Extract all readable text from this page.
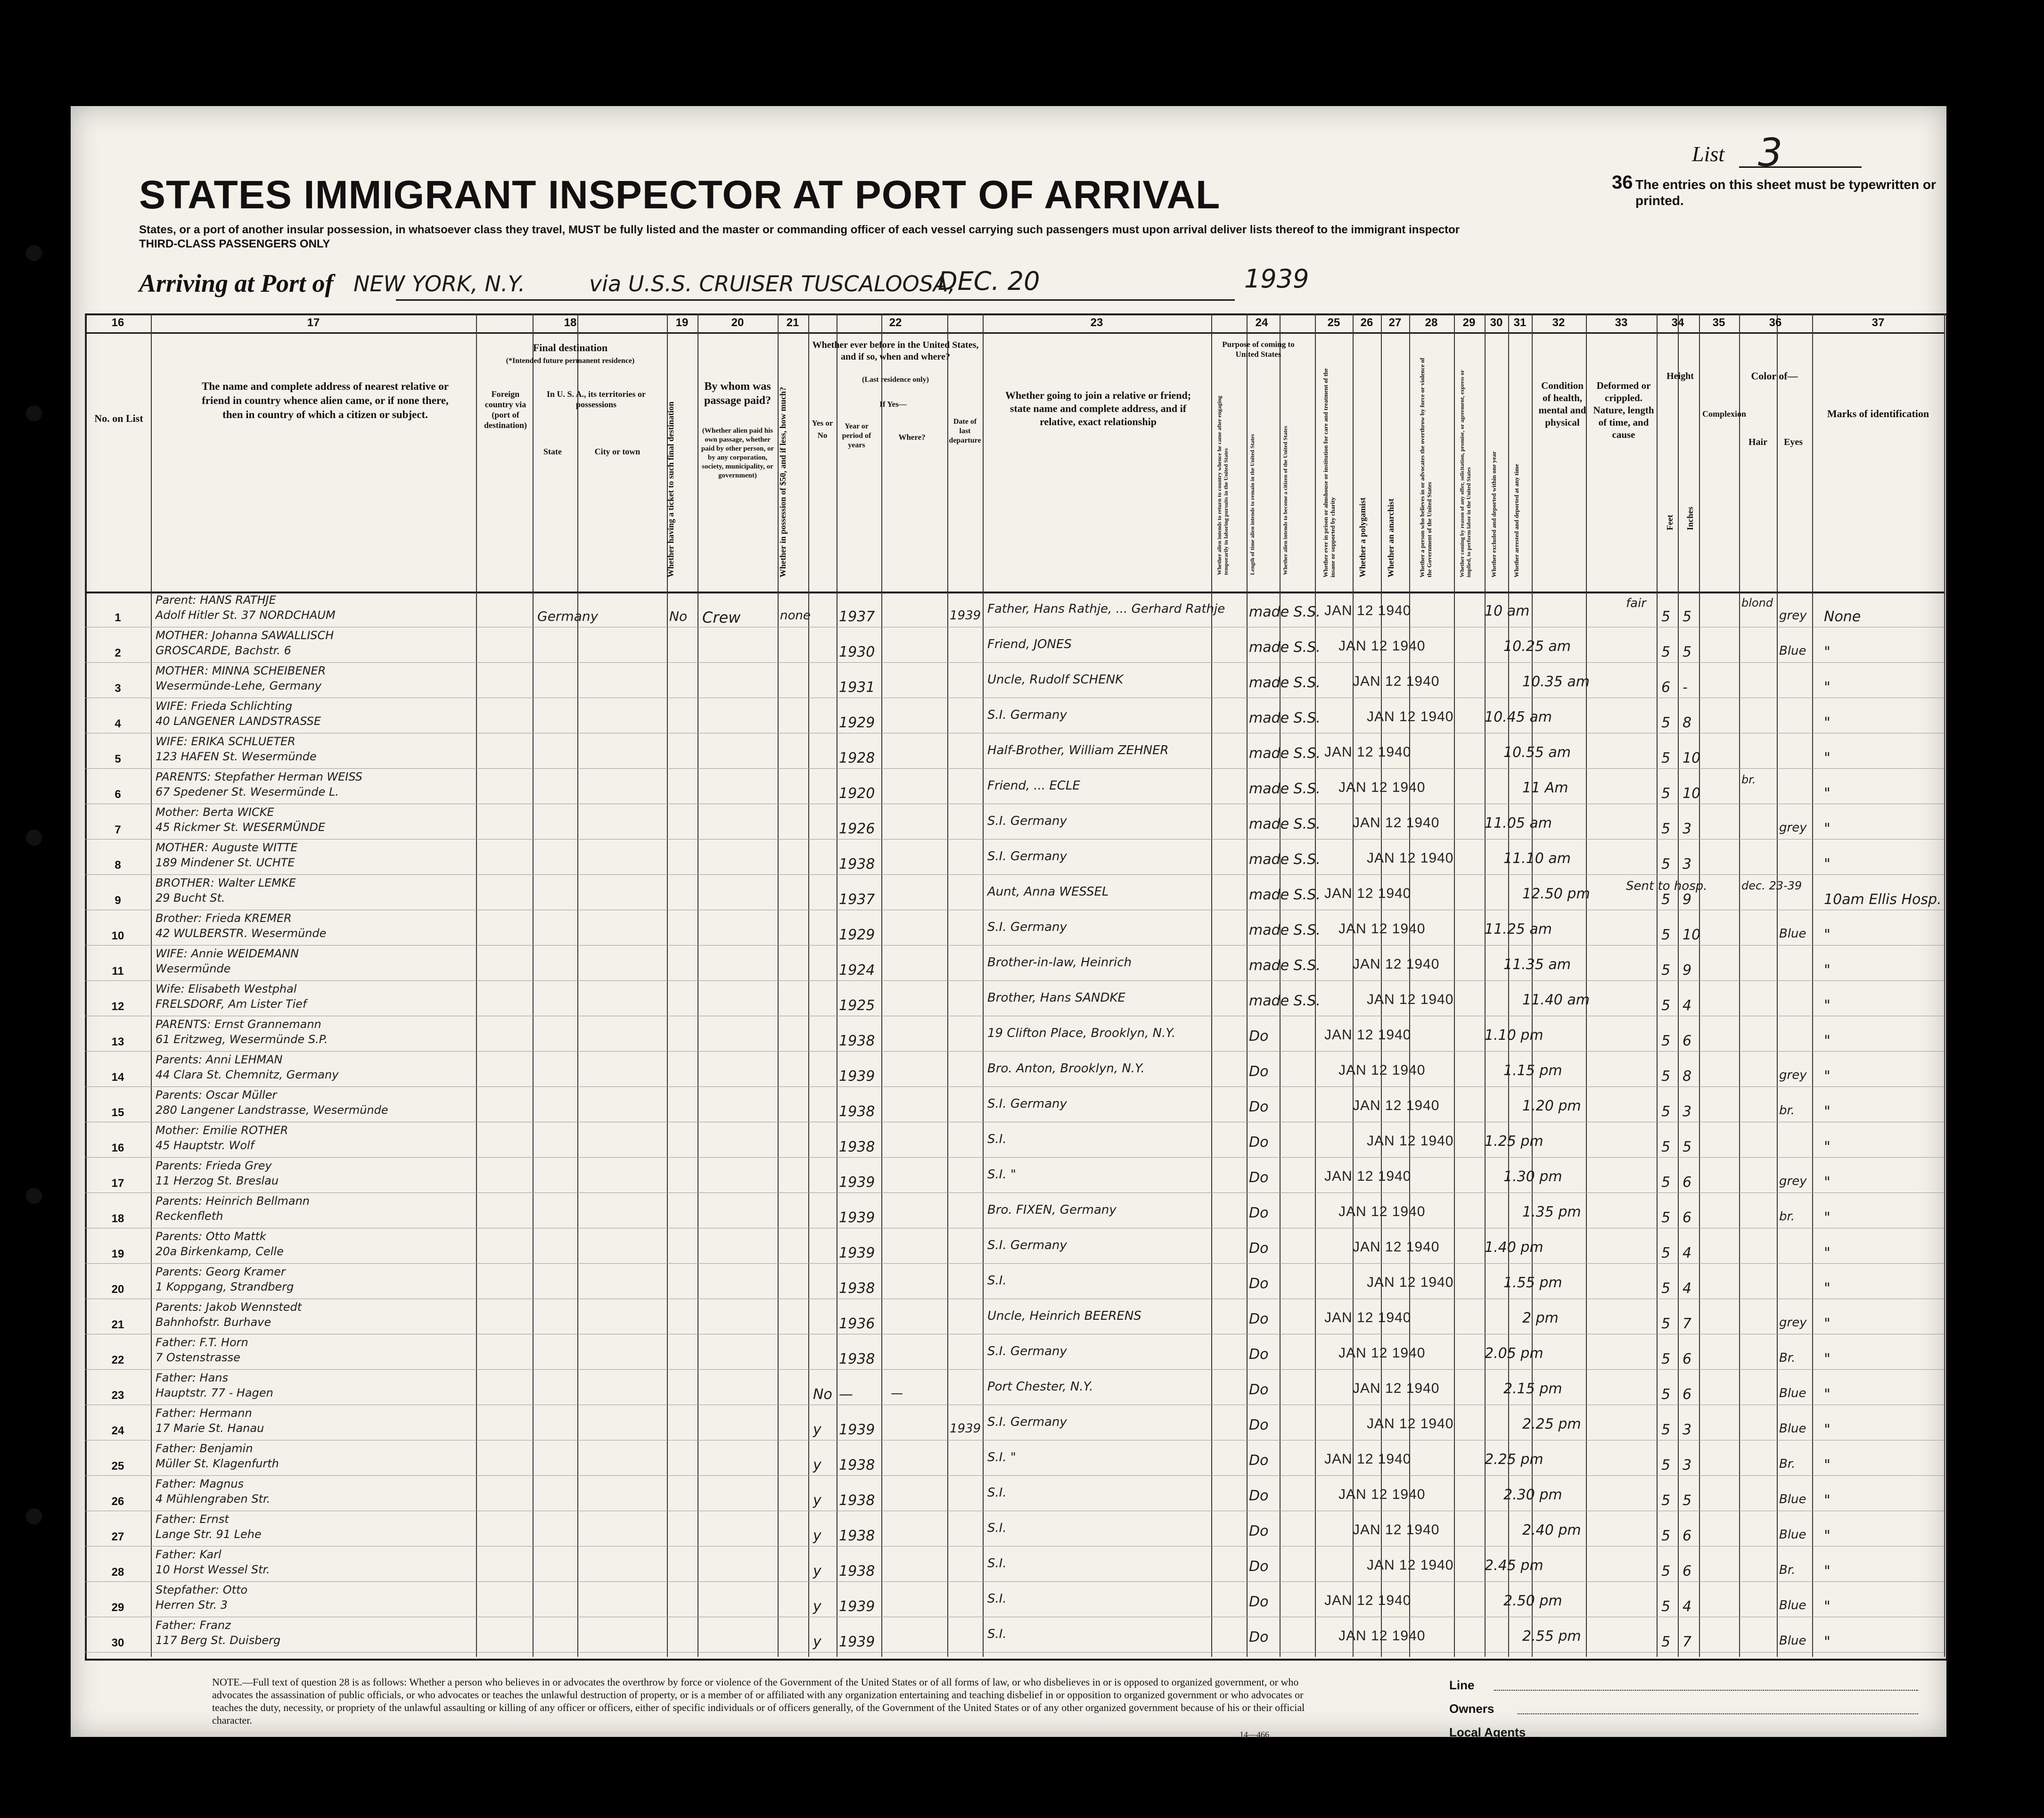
List 3
36 The entries on this sheet must be typewritten or printed.
STATES IMMIGRANT INSPECTOR AT PORT OF ARRIVAL
States, or a port of another insular possession, in whatsoever class they travel, MUST be fully listed and the master or commanding officer of each vessel carrying such passengers must upon arrival deliver lists thereof to the immigrant inspector
THIRD-CLASS PASSENGERS ONLY
Arriving at Port of NEW YORK, N.Y.	via U.S.S. CRUISER TUSCALOOSA,
DEC. 20	1939
16	17	18	19	20	21	22	23	24	25 26 27 28 29 30 31 32	33	34	35	36	37
No. on List
The name and complete address of nearest relative or friend in country whence alien came, or if none there, then in country of which a citizen or subject.
Final destination
(*Intended future permanent residence)
Foreign country via (port of destination)
In U. S. A., its territories or possessions
State	City or town	Whether having a ticket to such final destination
By whom was passage paid?
(Whether alien paid his own passage, whether paid by other person, or by any corporation, society, municipality, or government)	Whether in possession of $50, and if less, how much?
Whether ever before in the United States, and if so, when and where?
(Last residence only)
Yes or No
If Yes—
Year or period of years
Where?
Date of last departure
Whether going to join a relative or friend; state name and complete address, and if relative, exact relationship
Purpose of coming to United States
Whether alien intends to return to country whence he came after engaging temporarily in laboring pursuits in the United States	Length of time alien intends to remain in the United States	Whether alien intends to become a citizen of the United States	Whether ever in prison or almshouse or institution for care and treatment of the insane or supported by charity	Whether a polygamist Whether an anarchist	Whether a person who believes in or advocates the overthrow by force or violence of the Government of the United States	Whether coming by reason of any offer, solicitation, promise, or agreement, express or implied, to perform labor in the United States	Whether excluded and deported within one year	Whether arrested and deported at any time
Condition of health, mental and physical
Deformed or crippled. Nature, length of time, and cause
Height
Feet Inches
Complexion
Color of—
Hair	Eyes
Marks of identification
1
Parent: HANS RATHJE
Adolf Hitler St. 37 NORDCHAUM	Germany	No Crew	none 1937	1939 Father, Hans Rathje, ... Gerhard Rathje made S.S. JAN 12 1940	10 am	5 5
fair	blond
grey None
2
MOTHER: Johanna SAWALLISCH
GROSCARDE, Bachstr. 6	1930	Friend, JONES	made S.S. JAN 12 1940	10.25 am	5 5	Blue "
3
MOTHER: MINNA SCHEIBENER
Wesermünde-Lehe, Germany	1931	Uncle, Rudolf SCHENK	made S.S. JAN 12 1940	10.35 am	6 -	"
4
WIFE: Frieda Schlichting
40 LANGENER LANDSTRASSE	1929	S.I. Germany	made S.S.	JAN 12 1940 10.45 am	5 8	"
5
WIFE: ERIKA SCHLUETER
123 HAFEN St. Wesermünde	1928	Half-Brother, William ZEHNER	made S.S. JAN 12 1940	10.55 am	5 10	"
6
PARENTS: Stepfather Herman WEISS
67 Spedener St. Wesermünde L.	1920	Friend, ... ECLE	made S.S. JAN 12 1940	11 Am	5 10
br.
"
7
Mother: Berta WICKE
45 Rickmer St. WESERMÜNDE	1926	S.I. Germany	made S.S. JAN 12 1940	11.05 am	5 3	grey "
8
MOTHER: Auguste WITTE
189 Mindener St. UCHTE	1938	S.I. Germany	made S.S.	JAN 12 1940	11.10 am	5 3	"
9
BROTHER: Walter LEMKE
29 Bucht St.	1937	Aunt, Anna WESSEL	made S.S. JAN 12 1940	12.50 pm	5 9
Sent to hosp.	dec. 23-39
10am Ellis Hosp.
10
Brother: Frieda KREMER
42 WULBERSTR. Wesermünde	1929	S.I. Germany	made S.S. JAN 12 1940	11.25 am	5 10	Blue "
11
WIFE: Annie WEIDEMANN
Wesermünde	1924	Brother-in-law, Heinrich	made S.S. JAN 12 1940	11.35 am	5 9	"
12
Wife: Elisabeth Westphal
FRELSDORF, Am Lister Tief	1925	Brother, Hans SANDKE	made S.S.	JAN 12 1940	11.40 am	5 4	"
13
PARENTS: Ernst Grannemann
61 Eritzweg, Wesermünde S.P.	1938	19 Clifton Place, Brooklyn, N.Y.	Do	JAN 12 1940	1.10 pm	5 6	"
14
Parents: Anni LEHMAN
44 Clara St. Chemnitz, Germany	1939	Bro. Anton, Brooklyn, N.Y.	Do	JAN 12 1940	1.15 pm	5 8	grey "
15
Parents: Oscar Müller
280 Langener Landstrasse, Wesermünde	1938	S.I. Germany	Do	JAN 12 1940	1.20 pm	5 3	br. "
16
Mother: Emilie ROTHER
45 Hauptstr. Wolf	1938	S.I.	Do	JAN 12 1940 1.25 pm	5 5	"
17
Parents: Frieda Grey
11 Herzog St. Breslau	1939	S.I. "	Do	JAN 12 1940	1.30 pm	5 6	grey "
18
Parents: Heinrich Bellmann
Reckenfleth	1939	Bro. FIXEN, Germany	Do	JAN 12 1940	1.35 pm	5 6	br. "
19
Parents: Otto Mattk
20a Birkenkamp, Celle	1939	S.I. Germany	Do	JAN 12 1940	1.40 pm	5 4	"
20
Parents: Georg Kramer
1 Koppgang, Strandberg	1938	S.I.	Do	JAN 12 1940	1.55 pm	5 4	"
21
Parents: Jakob Wennstedt
Bahnhofstr. Burhave	1936	Uncle, Heinrich BEERENS	Do	JAN 12 1940	2 pm	5 7	grey "
22
Father: F.T. Horn
7 Ostenstrasse	1938	S.I. Germany	Do	JAN 12 1940	2.05 pm	5 6	Br. "
23
Father: Hans
Hauptstr. 77 - Hagen	No —	—	Port Chester, N.Y.	Do	JAN 12 1940	2.15 pm	5 6	Blue "
24
Father: Hermann
17 Marie St. Hanau	y 1939	1939 S.I. Germany	Do	JAN 12 1940	2.25 pm	5 3	Blue "
25
Father: Benjamin
Müller St. Klagenfurth	y 1938	S.I. "	Do	JAN 12 1940	2.25 pm	5 3	Br. "
26
Father: Magnus
4 Mühlengraben Str.	y 1938	S.I.	Do	JAN 12 1940	2.30 pm	5 5	Blue "
27
Father: Ernst
Lange Str. 91 Lehe	y 1938	S.I.	Do	JAN 12 1940	2.40 pm	5 6	Blue "
28
Father: Karl
10 Horst Wessel Str.	y 1938	S.I.	Do	JAN 12 1940 2.45 pm	5 6	Br. "
29
Stepfather: Otto
Herren Str. 3	y 1939	S.I.	Do	JAN 12 1940	2.50 pm	5 4	Blue "
30
Father: Franz
117 Berg St. Duisberg	y 1939	S.I.	Do	JAN 12 1940	2.55 pm	5 7	Blue "
NOTE.—Full text of question 28 is as follows: Whether a person who believes in or advocates the overthrow by force or violence of the Government of the United States or of all forms of law, or who disbelieves in or is opposed to organized government, or who advocates the assassination of public officials, or who advocates or teaches the unlawful destruction of property, or is a member of or affiliated with any organization entertaining and teaching disbelief in or opposition to organized government or who advocates or teaches the duty, necessity, or propriety of the unlawful assaulting or killing of any officer or officers, either of specific individuals or of officers generally, of the Government of the United States or of any other organized government because of his or their official character.
Line
Owners
Local Agents
14—466
